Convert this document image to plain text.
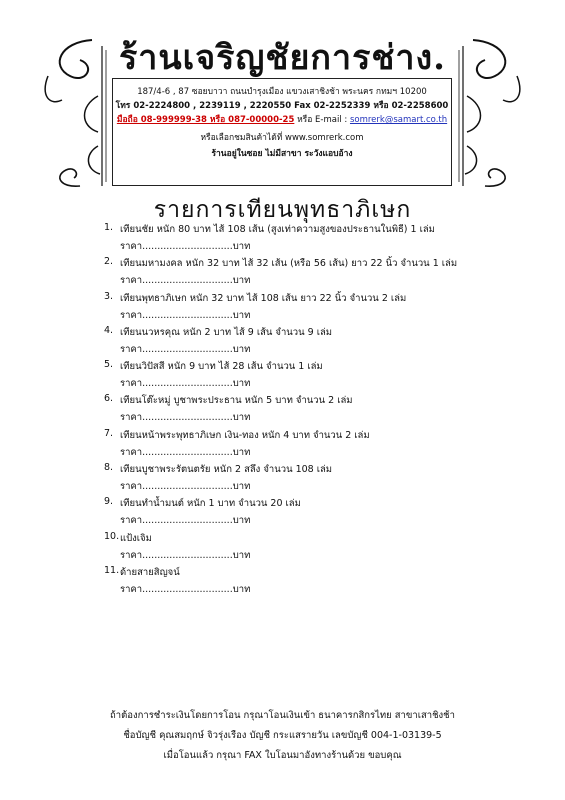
ร้านเจริญชัยการช่าง.
187/4-6 , 87 ซอยบาวา ถนนบำรุงเมือง แขวงเสาชิงช้า พระนคร กทมฯ 10200
โทร 02-2224800 , 2239119 , 2220550 Fax 02-2252339 หรือ 02-2258600
มือถือ 08-999999-38 หรือ 087-00000-25 หรือ E-mail : somrerk@samart.co.th
หรือเลือกชมสินค้าได้ที่ www.somrerk.com
ร้านอยู่ในซอย ไม่มีสาขา ระวังแอบอ้าง
รายการเทียนพุทธาภิเษก
1. เทียนชัย หนัก 80 บาท ไส้ 108 เส้น (สูงเท่าความสูงของประธานในพิธี) 1 เล่ม
ราคา..............................บาท
2. เทียนมหามงคล หนัก 32 บาท ไส้ 32 เส้น (หรือ 56 เส้น) ยาว 22 นิ้ว จำนวน 1 เล่ม
ราคา..............................บาท
3. เทียนพุทธาภิเษก หนัก 32 บาท ไส้ 108 เส้น ยาว 22 นิ้ว จำนวน 2 เล่ม
ราคา..............................บาท
4. เทียนนวหรคุณ หนัก 2 บาท ไส้ 9 เส้น จำนวน 9 เล่ม
ราคา..............................บาท
5. เทียนวิปัสสี หนัก 9 บาท ไส้ 28 เส้น จำนวน 1 เล่ม
ราคา..............................บาท
6. เทียนโต๊ะหมู่ บูชาพระประธาน หนัก 5 บาท จำนวน 2 เล่ม
ราคา..............................บาท
7. เทียนหน้าพระพุทธาภิเษก เงิน-ทอง หนัก 4 บาท จำนวน 2 เล่ม
ราคา..............................บาท
8. เทียนบูชาพระรัตนตรัย หนัก 2 สลึง จำนวน 108 เล่ม
ราคา..............................บาท
9. เทียนทำน้ำมนต์ หนัก 1 บาท จำนวน 20 เล่ม
ราคา..............................บาท
10. แป้งเจิม
ราคา..............................บาท
11. ด้ายสายสิญจน์
ราคา..............................บาท
ถ้าต้องการชำระเงินโดยการโอน กรุณาโอนเงินเข้า ธนาคารกสิกรไทย สาขาเสาชิงช้า
ชื่อบัญชี คุณสมฤกษ์ จิวรุ่งเรือง บัญชี กระแสรายวัน เลขบัญชี 004-1-03139-5
เมื่อโอนแล้ว กรุณา FAX ใบโอนมาอังทางร้านด้วย ขอบคุณ
